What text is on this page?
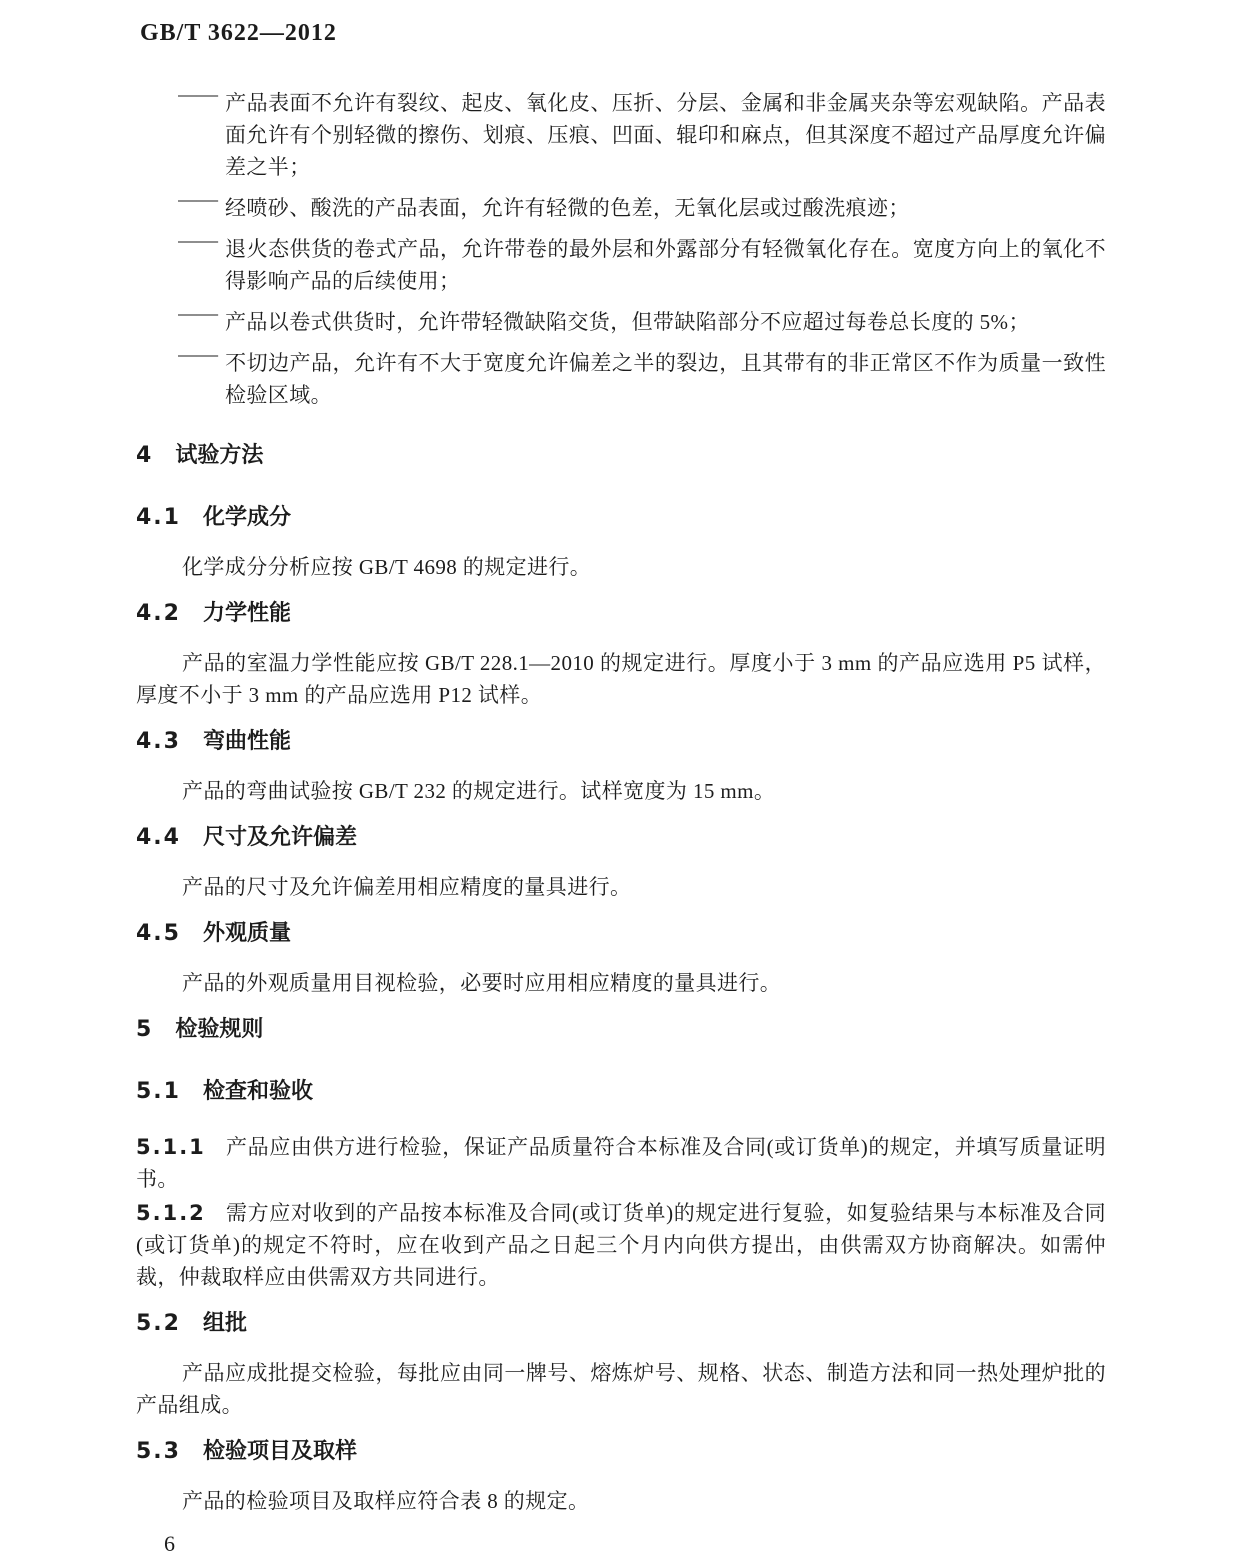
GB/T 3622—2012

—— 产品表面不允许有裂纹、起皮、氧化皮、压折、分层、金属和非金属夹杂等宏观缺陷。产品表面允许有个别轻微的擦伤、划痕、压痕、凹面、辊印和麻点，但其深度不超过产品厚度允许偏差之半；

—— 经喷砂、酸洗的产品表面，允许有轻微的色差，无氧化层或过酸洗痕迹；

—— 退火态供货的卷式产品，允许带卷的最外层和外露部分有轻微氧化存在。宽度方向上的氧化不得影响产品的后续使用；

—— 产品以卷式供货时，允许带轻微缺陷交货，但带缺陷部分不应超过每卷总长度的 5%；

—— 不切边产品，允许有不大于宽度允许偏差之半的裂边，且其带有的非正常区不作为质量一致性检验区域。

4 试验方法
4.1 化学成分

化学成分分析应按 GB/T 4698 的规定进行。

4.2 力学性能

产品的室温力学性能应按 GB/T 228.1—2010 的规定进行。厚度小于 3 mm 的产品应选用 P5 试样，厚度不小于 3 mm 的产品应选用 P12 试样。

4.3 弯曲性能

产品的弯曲试验按 GB/T 232 的规定进行。试样宽度为 15 mm。

4.4 尺寸及允许偏差

产品的尺寸及允许偏差用相应精度的量具进行。

4.5 外观质量

产品的外观质量用目视检验，必要时应用相应精度的量具进行。

5 检验规则
5.1 检查和验收

5.1.1 产品应由供方进行检验，保证产品质量符合本标准及合同(或订货单)的规定，并填写质量证明书。

5.1.2 需方应对收到的产品按本标准及合同(或订货单)的规定进行复验，如复验结果与本标准及合同(或订货单)的规定不符时，应在收到产品之日起三个月内向供方提出，由供需双方协商解决。如需仲裁，仲裁取样应由供需双方共同进行。

5.2 组批

产品应成批提交检验，每批应由同一牌号、熔炼炉号、规格、状态、制造方法和同一热处理炉批的产品组成。

5.3 检验项目及取样

产品的检验项目及取样应符合表 8 的规定。

6
